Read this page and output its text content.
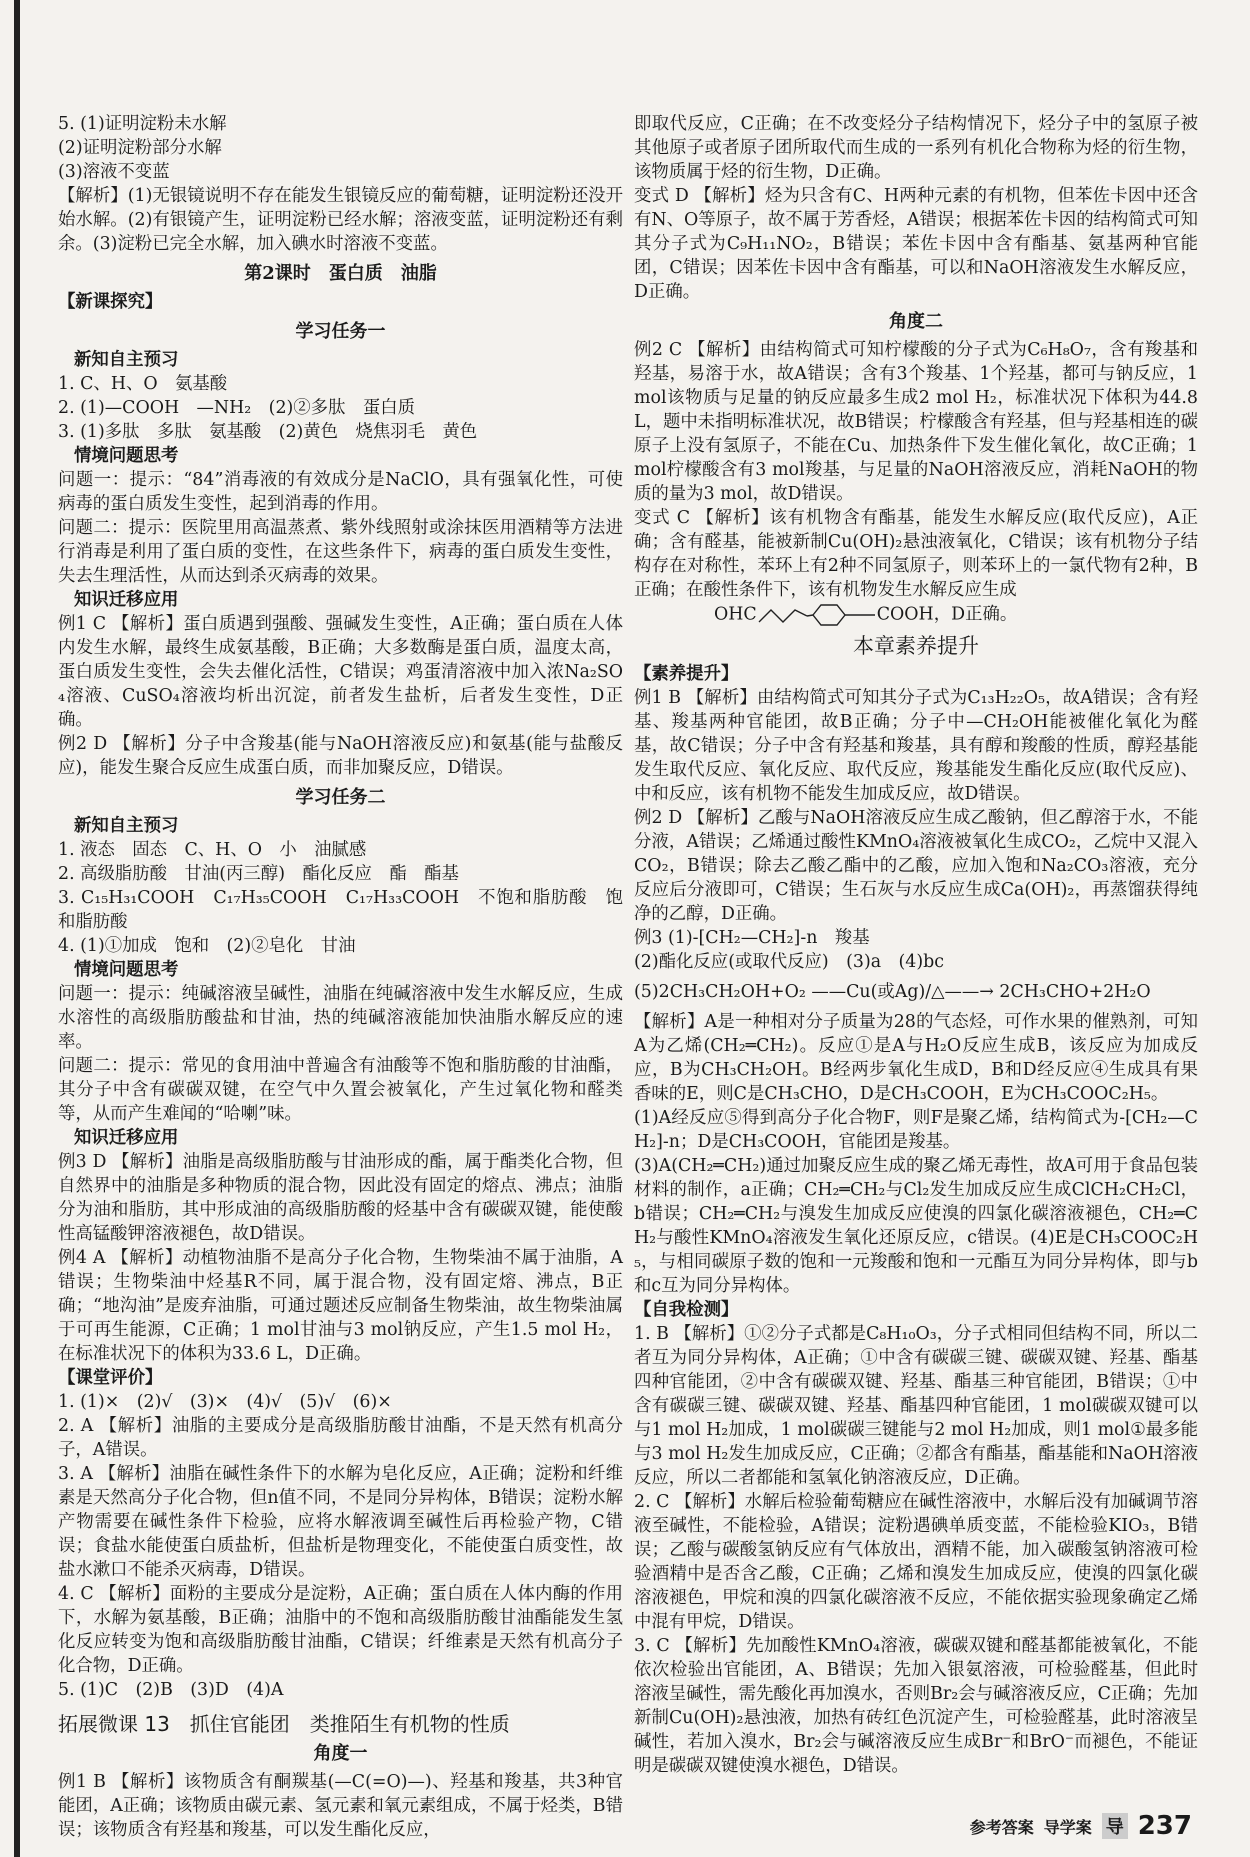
5. (1)证明淀粉未水解

(2)证明淀粉部分水解

(3)溶液不变蓝

【解析】(1)无银镜说明不存在能发生银镜反应的葡萄糖，证明淀粉还没开始水解。(2)有银镜产生，证明淀粉已经水解；溶液变蓝，证明淀粉还有剩余。(3)淀粉已完全水解，加入碘水时溶液不变蓝。

第2课时　蛋白质　油脂

【新课探究】

学习任务一

新知自主预习

1. C、H、O　氨基酸

2. (1)—COOH　—NH₂　(2)②多肽　蛋白质

3. (1)多肽　多肽　氨基酸　(2)黄色　烧焦羽毛　黄色

情境问题思考

问题一：提示：“84”消毒液的有效成分是NaClO，具有强氧化性，可使病毒的蛋白质发生变性，起到消毒的作用。

问题二：提示：医院里用高温蒸煮、紫外线照射或涂抹医用酒精等方法进行消毒是利用了蛋白质的变性，在这些条件下，病毒的蛋白质发生变性，失去生理活性，从而达到杀灭病毒的效果。

知识迁移应用

例1 C 【解析】蛋白质遇到强酸、强碱发生变性，A正确；蛋白质在人体内发生水解，最终生成氨基酸，B正确；大多数酶是蛋白质，温度太高，蛋白质发生变性，会失去催化活性，C错误；鸡蛋清溶液中加入浓Na₂SO₄溶液、CuSO₄溶液均析出沉淀，前者发生盐析，后者发生变性，D正确。

例2 D 【解析】分子中含羧基(能与NaOH溶液反应)和氨基(能与盐酸反应)，能发生聚合反应生成蛋白质，而非加聚反应，D错误。

学习任务二

新知自主预习

1. 液态　固态　C、H、O　小　油腻感

2. 高级脂肪酸　甘油(丙三醇)　酯化反应　酯　酯基

3. C₁₅H₃₁COOH　C₁₇H₃₅COOH　C₁₇H₃₃COOH　不饱和脂肪酸　饱和脂肪酸

4. (1)①加成　饱和　(2)②皂化　甘油

情境问题思考

问题一：提示：纯碱溶液呈碱性，油脂在纯碱溶液中发生水解反应，生成水溶性的高级脂肪酸盐和甘油，热的纯碱溶液能加快油脂水解反应的速率。

问题二：提示：常见的食用油中普遍含有油酸等不饱和脂肪酸的甘油酯，其分子中含有碳碳双键，在空气中久置会被氧化，产生过氧化物和醛类等，从而产生难闻的“哈喇”味。

知识迁移应用

例3 D 【解析】油脂是高级脂肪酸与甘油形成的酯，属于酯类化合物，但自然界中的油脂是多种物质的混合物，因此没有固定的熔点、沸点；油脂分为油和脂肪，其中形成油的高级脂肪酸的烃基中含有碳碳双键，能使酸性高锰酸钾溶液褪色，故D错误。

例4 A 【解析】动植物油脂不是高分子化合物，生物柴油不属于油脂，A错误；生物柴油中烃基R不同，属于混合物，没有固定熔、沸点，B正确；“地沟油”是废弃油脂，可通过题述反应制备生物柴油，故生物柴油属于可再生能源，C正确；1 mol甘油与3 mol钠反应，产生1.5 mol H₂，在标准状况下的体积为33.6 L，D正确。

【课堂评价】

1. (1)×　(2)√　(3)×　(4)√　(5)√　(6)×

2. A 【解析】油脂的主要成分是高级脂肪酸甘油酯，不是天然有机高分子，A错误。

3. A 【解析】油脂在碱性条件下的水解为皂化反应，A正确；淀粉和纤维素是天然高分子化合物，但n值不同，不是同分异构体，B错误；淀粉水解产物需要在碱性条件下检验，应将水解液调至碱性后再检验产物，C错误；食盐水能使蛋白质盐析，但盐析是物理变化，不能使蛋白质变性，故盐水漱口不能杀灭病毒，D错误。

4. C 【解析】面粉的主要成分是淀粉，A正确；蛋白质在人体内酶的作用下，水解为氨基酸，B正确；油脂中的不饱和高级脂肪酸甘油酯能发生氢化反应转变为饱和高级脂肪酸甘油酯，C错误；纤维素是天然有机高分子化合物，D正确。

5. (1)C　(2)B　(3)D　(4)A

拓展微课 13　抓住官能团　类推陌生有机物的性质

角度一

例1 B 【解析】该物质含有酮羰基(—C(=O)—)、羟基和羧基，共3种官能团，A正确；该物质由碳元素、氢元素和氧元素组成，不属于烃类，B错误；该物质含有羟基和羧基，可以发生酯化反应，

即取代反应，C正确；在不改变烃分子结构情况下，烃分子中的氢原子被其他原子或者原子团所取代而生成的一系列有机化合物称为烃的衍生物，该物质属于烃的衍生物，D正确。

变式 D 【解析】烃为只含有C、H两种元素的有机物，但苯佐卡因中还含有N、O等原子，故不属于芳香烃，A错误；根据苯佐卡因的结构简式可知其分子式为C₉H₁₁NO₂，B错误；苯佐卡因中含有酯基、氨基两种官能团，C错误；因苯佐卡因中含有酯基，可以和NaOH溶液发生水解反应，D正确。

角度二

例2 C 【解析】由结构简式可知柠檬酸的分子式为C₆H₈O₇，含有羧基和羟基，易溶于水，故A错误；含有3个羧基、1个羟基，都可与钠反应，1 mol该物质与足量的钠反应最多生成2 mol H₂，标准状况下体积为44.8 L，题中未指明标准状况，故B错误；柠檬酸含有羟基，但与羟基相连的碳原子上没有氢原子，不能在Cu、加热条件下发生催化氧化，故C正确；1 mol柠檬酸含有3 mol羧基，与足量的NaOH溶液反应，消耗NaOH的物质的量为3 mol，故D错误。

变式 C 【解析】该有机物含有酯基，能发生水解反应(取代反应)，A正确；含有醛基，能被新制Cu(OH)₂悬浊液氧化，C错误；该有机物分子结构存在对称性，苯环上有2种不同氢原子，则苯环上的一氯代物有2种，B正确；在酸性条件下，该有机物发生水解反应生成

OHC	COOH，D正确。

本章素养提升

【素养提升】

例1 B 【解析】由结构简式可知其分子式为C₁₃H₂₂O₅，故A错误；含有羟基、羧基两种官能团，故B正确；分子中—CH₂OH能被催化氧化为醛基，故C错误；分子中含有羟基和羧基，具有醇和羧酸的性质，醇羟基能发生取代反应、氧化反应、取代反应，羧基能发生酯化反应(取代反应)、中和反应，该有机物不能发生加成反应，故D错误。

例2 D 【解析】乙酸与NaOH溶液反应生成乙酸钠，但乙醇溶于水，不能分液，A错误；乙烯通过酸性KMnO₄溶液被氧化生成CO₂，乙烷中又混入CO₂，B错误；除去乙酸乙酯中的乙酸，应加入饱和Na₂CO₃溶液，充分反应后分液即可，C错误；生石灰与水反应生成Ca(OH)₂，再蒸馏获得纯净的乙醇，D正确。

例3 (1)-[CH₂—CH₂]-n　羧基

(2)酯化反应(或取代反应)　(3)a　(4)bc

(5)2CH₃CH₂OH+O₂ ——Cu(或Ag)/△——→ 2CH₃CHO+2H₂O

【解析】A是一种相对分子质量为28的气态烃，可作水果的催熟剂，可知A为乙烯(CH₂═CH₂)。反应①是A与H₂O反应生成B，该反应为加成反应，B为CH₃CH₂OH。B经两步氧化生成D，B和D经反应④生成具有果香味的E，则C是CH₃CHO，D是CH₃COOH，E为CH₃COOC₂H₅。

(1)A经反应⑤得到高分子化合物F，则F是聚乙烯，结构简式为-[CH₂—CH₂]-n；D是CH₃COOH，官能团是羧基。

(3)A(CH₂═CH₂)通过加聚反应生成的聚乙烯无毒性，故A可用于食品包装材料的制作，a正确；CH₂═CH₂与Cl₂发生加成反应生成ClCH₂CH₂Cl，b错误；CH₂═CH₂与溴发生加成反应使溴的四氯化碳溶液褪色，CH₂═CH₂与酸性KMnO₄溶液发生氧化还原反应，c错误。(4)E是CH₃COOC₂H₅，与相同碳原子数的饱和一元羧酸和饱和一元酯互为同分异构体，即与b和c互为同分异构体。

【自我检测】

1. B 【解析】①②分子式都是C₈H₁₀O₃，分子式相同但结构不同，所以二者互为同分异构体，A正确；①中含有碳碳三键、碳碳双键、羟基、酯基四种官能团，②中含有碳碳双键、羟基、酯基三种官能团，B错误；①中含有碳碳三键、碳碳双键、羟基、酯基四种官能团，1 mol碳碳双键可以与1 mol H₂加成，1 mol碳碳三键能与2 mol H₂加成，则1 mol①最多能与3 mol H₂发生加成反应，C正确；②都含有酯基，酯基能和NaOH溶液反应，所以二者都能和氢氧化钠溶液反应，D正确。

2. C 【解析】水解后检验葡萄糖应在碱性溶液中，水解后没有加碱调节溶液至碱性，不能检验，A错误；淀粉遇碘单质变蓝，不能检验KIO₃，B错误；乙酸与碳酸氢钠反应有气体放出，酒精不能，加入碳酸氢钠溶液可检验酒精中是否含乙酸，C正确；乙烯和溴发生加成反应，使溴的四氯化碳溶液褪色，甲烷和溴的四氯化碳溶液不反应，不能依据实验现象确定乙烯中混有甲烷，D错误。

3. C 【解析】先加酸性KMnO₄溶液，碳碳双键和醛基都能被氧化，不能依次检验出官能团，A、B错误；先加入银氨溶液，可检验醛基，但此时溶液呈碱性，需先酸化再加溴水，否则Br₂会与碱溶液反应，C正确；先加新制Cu(OH)₂悬浊液，加热有砖红色沉淀产生，可检验醛基，此时溶液呈碱性，若加入溴水，Br₂会与碱溶液反应生成Br⁻和BrO⁻而褪色，不能证明是碳碳双键使溴水褪色，D错误。

参考答案 导学案 导 237
